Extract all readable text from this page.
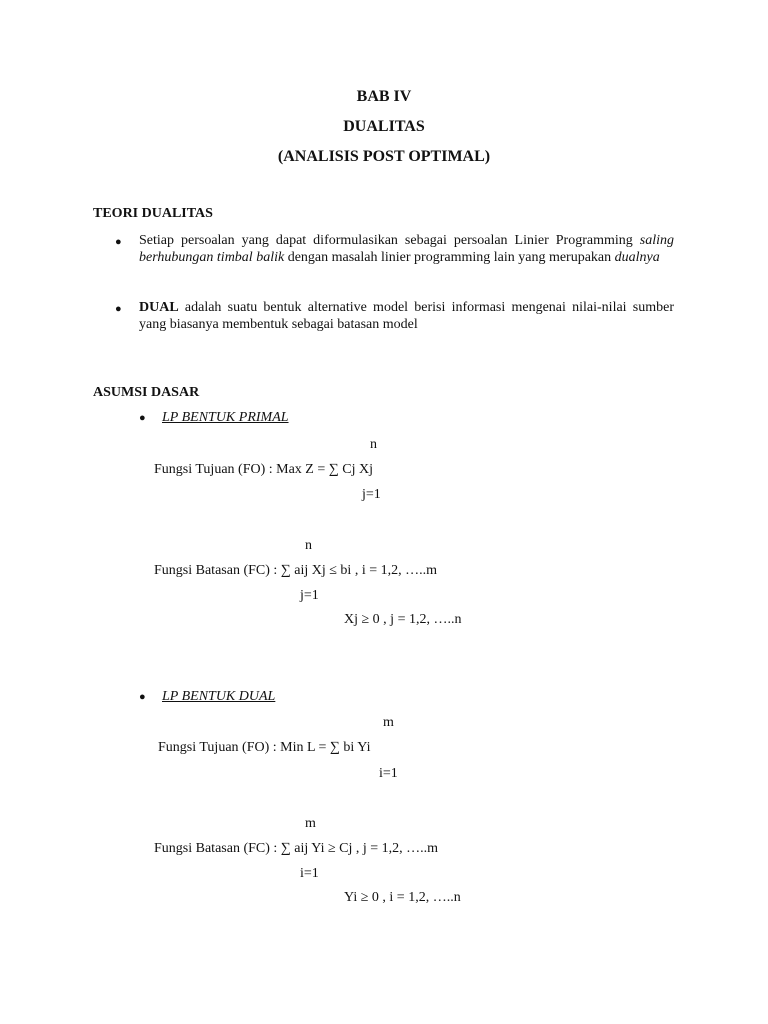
BAB IV
DUALITAS
(ANALISIS POST OPTIMAL)
TEORI DUALITAS
● Setiap persoalan yang dapat diformulasikan sebagai persoalan Linier Programming saling berhubungan timbal balik dengan masalah linier programming lain yang merupakan dualnya
● DUAL adalah suatu bentuk alternative model berisi informasi mengenai nilai-nilai sumber yang biasanya membentuk sebagai batasan model
ASUMSI DASAR
● LP BENTUK PRIMAL
n
Fungsi Tujuan (FO) : Max Z = ∑ Cj Xj
j=1
n
Fungsi Batasan (FC) : ∑ aij Xj ≤ bi , i = 1,2, …..m
j=1
Xj ≥ 0 , j = 1,2, …..n
● LP BENTUK DUAL
m
Fungsi Tujuan (FO) : Min L = ∑ bi Yi
i=1
m
Fungsi Batasan (FC) : ∑ aij Yi ≥ Cj , j = 1,2, …..m
i=1
Yi ≥ 0 , i = 1,2, …..n
